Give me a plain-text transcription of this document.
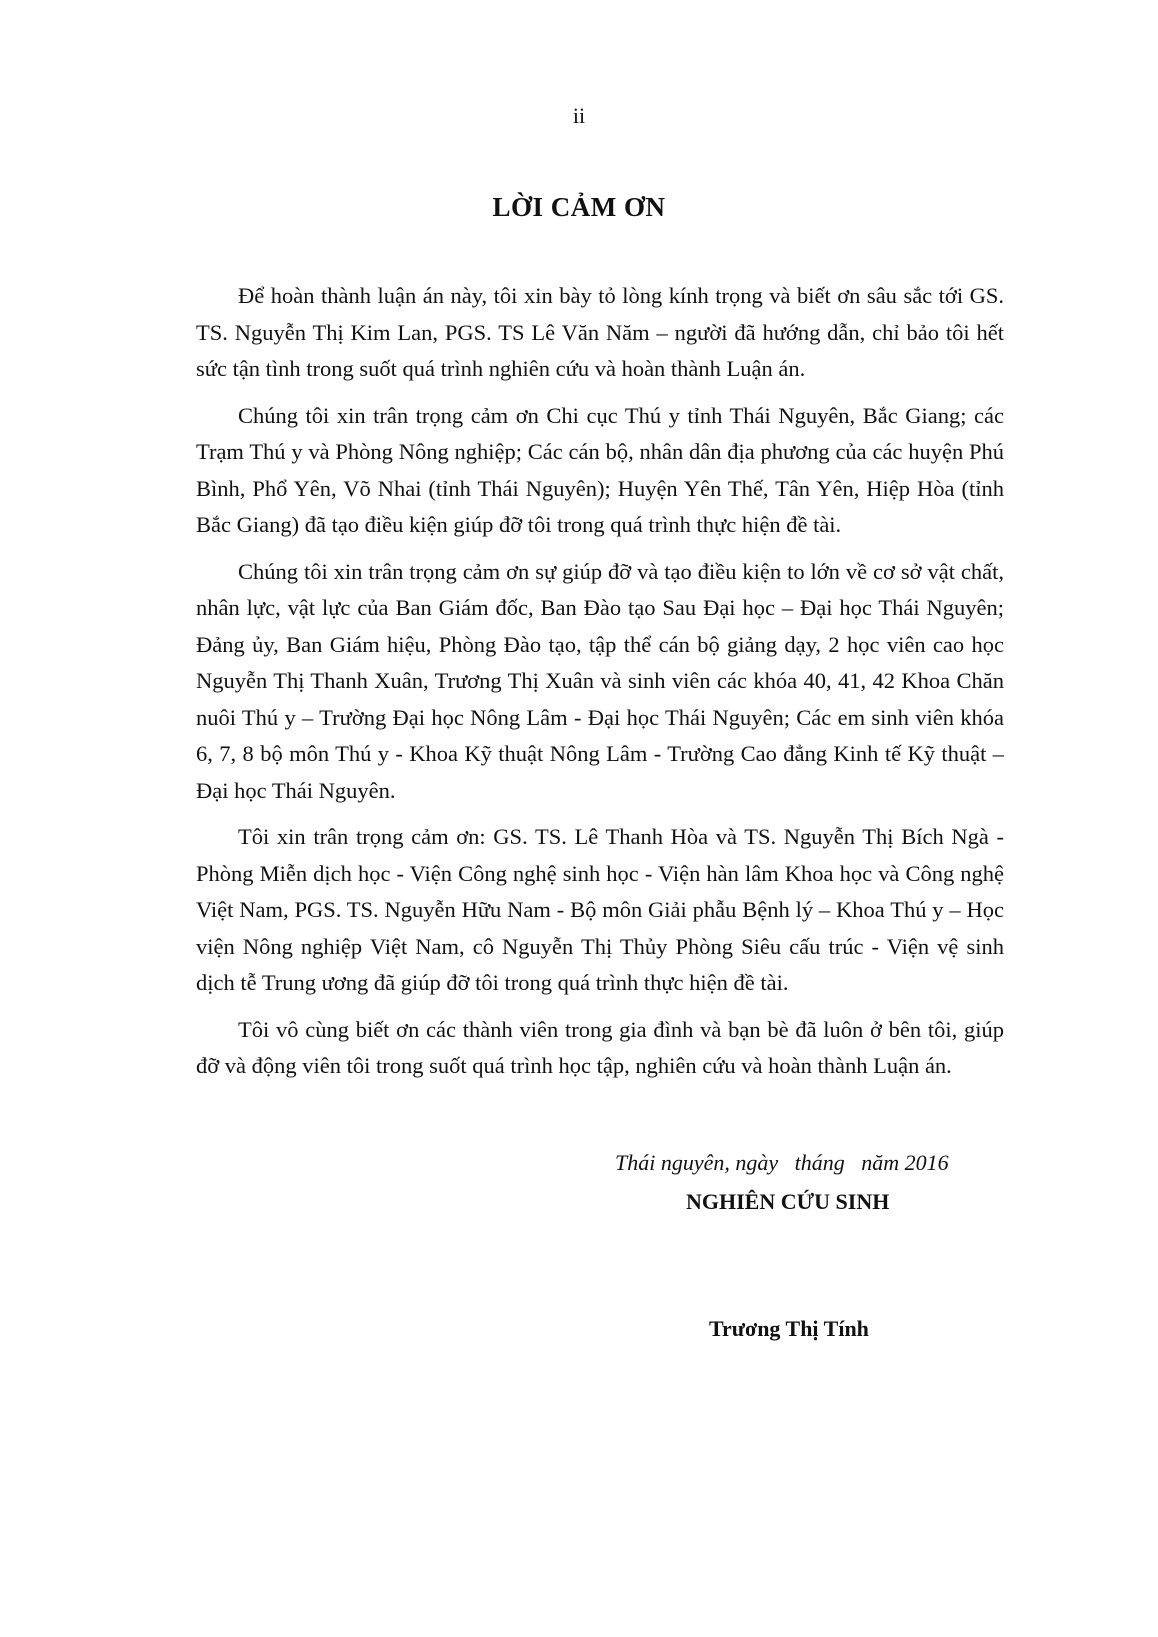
ii
LỜI CẢM ƠN

Để hoàn thành luận án này, tôi xin bày tỏ lòng kính trọng và biết ơn sâu sắc tới GS. TS. Nguyễn Thị Kim Lan, PGS. TS Lê Văn Năm – người đã hướng dẫn, chỉ bảo tôi hết sức tận tình trong suốt quá trình nghiên cứu và hoàn thành Luận án.

Chúng tôi xin trân trọng cảm ơn Chi cục Thú y tỉnh Thái Nguyên, Bắc Giang; các Trạm Thú y và Phòng Nông nghiệp; Các cán bộ, nhân dân địa phương của các huyện Phú Bình, Phổ Yên, Võ Nhai (tỉnh Thái Nguyên); Huyện Yên Thế, Tân Yên, Hiệp Hòa (tỉnh Bắc Giang) đã tạo điều kiện giúp đỡ tôi trong quá trình thực hiện đề tài.

Chúng tôi xin trân trọng cảm ơn sự giúp đỡ và tạo điều kiện to lớn về cơ sở vật chất, nhân lực, vật lực của Ban Giám đốc, Ban Đào tạo Sau Đại học – Đại học Thái Nguyên; Đảng ủy, Ban Giám hiệu, Phòng Đào tạo, tập thể cán bộ giảng dạy, 2 học viên cao học Nguyễn Thị Thanh Xuân, Trương Thị Xuân và sinh viên các khóa 40, 41, 42 Khoa Chăn nuôi Thú y – Trường Đại học Nông Lâm - Đại học Thái Nguyên; Các em sinh viên khóa 6, 7, 8 bộ môn Thú y - Khoa Kỹ thuật Nông Lâm - Trường Cao đẳng Kinh tế Kỹ thuật – Đại học Thái Nguyên.

Tôi xin trân trọng cảm ơn: GS. TS. Lê Thanh Hòa và TS. Nguyễn Thị Bích Ngà - Phòng Miễn dịch học - Viện Công nghệ sinh học - Viện hàn lâm Khoa học và Công nghệ Việt Nam, PGS. TS. Nguyễn Hữu Nam - Bộ môn Giải phẫu Bệnh lý – Khoa Thú y – Học viện Nông nghiệp Việt Nam, cô Nguyễn Thị Thủy Phòng Siêu cấu trúc - Viện vệ sinh dịch tễ Trung ương đã giúp đỡ tôi trong quá trình thực hiện đề tài.

Tôi vô cùng biết ơn các thành viên trong gia đình và bạn bè đã luôn ở bên tôi, giúp đỡ và động viên tôi trong suốt quá trình học tập, nghiên cứu và hoàn thành Luận án.

Thái nguyên, ngày   tháng   năm 2016
NGHIÊN CỨU SINH
Trương Thị Tính
